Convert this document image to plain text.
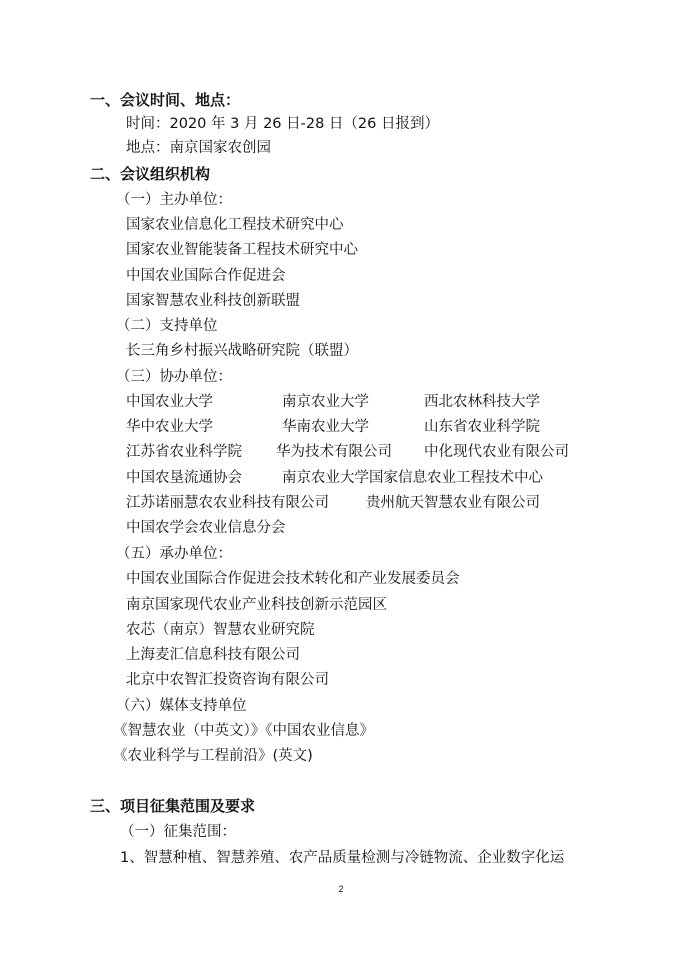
一、会议时间、地点：
时间：2020 年 3 月 26 日-28 日（26 日报到）
地点：南京国家农创园
二、会议组织机构
（一）主办单位：
国家农业信息化工程技术研究中心
国家农业智能装备工程技术研究中心
中国农业国际合作促进会
国家智慧农业科技创新联盟
（二）支持单位
长三角乡村振兴战略研究院（联盟）
（三）协办单位：
中国农业大学	南京农业大学	西北农林科技大学
华中农业大学	华南农业大学	山东省农业科学院
江苏省农业科学院 华为技术有限公司 中化现代农业有限公司
中国农垦流通协会	南京农业大学国家信息农业工程技术中心
江苏诺丽慧农农业科技有限公司	贵州航天智慧农业有限公司
中国农学会农业信息分会
（五）承办单位：
中国农业国际合作促进会技术转化和产业发展委员会
南京国家现代农业产业科技创新示范园区
农芯（南京）智慧农业研究院
上海麦汇信息科技有限公司
北京中农智汇投资咨询有限公司
（六）媒体支持单位
《智慧农业（中英文）》《中国农业信息》
《农业科学与工程前沿》(英文)
三、项目征集范围及要求
（一）征集范围：
1、智慧种植、智慧养殖、农产品质量检测与冷链物流、企业数字化运
2
